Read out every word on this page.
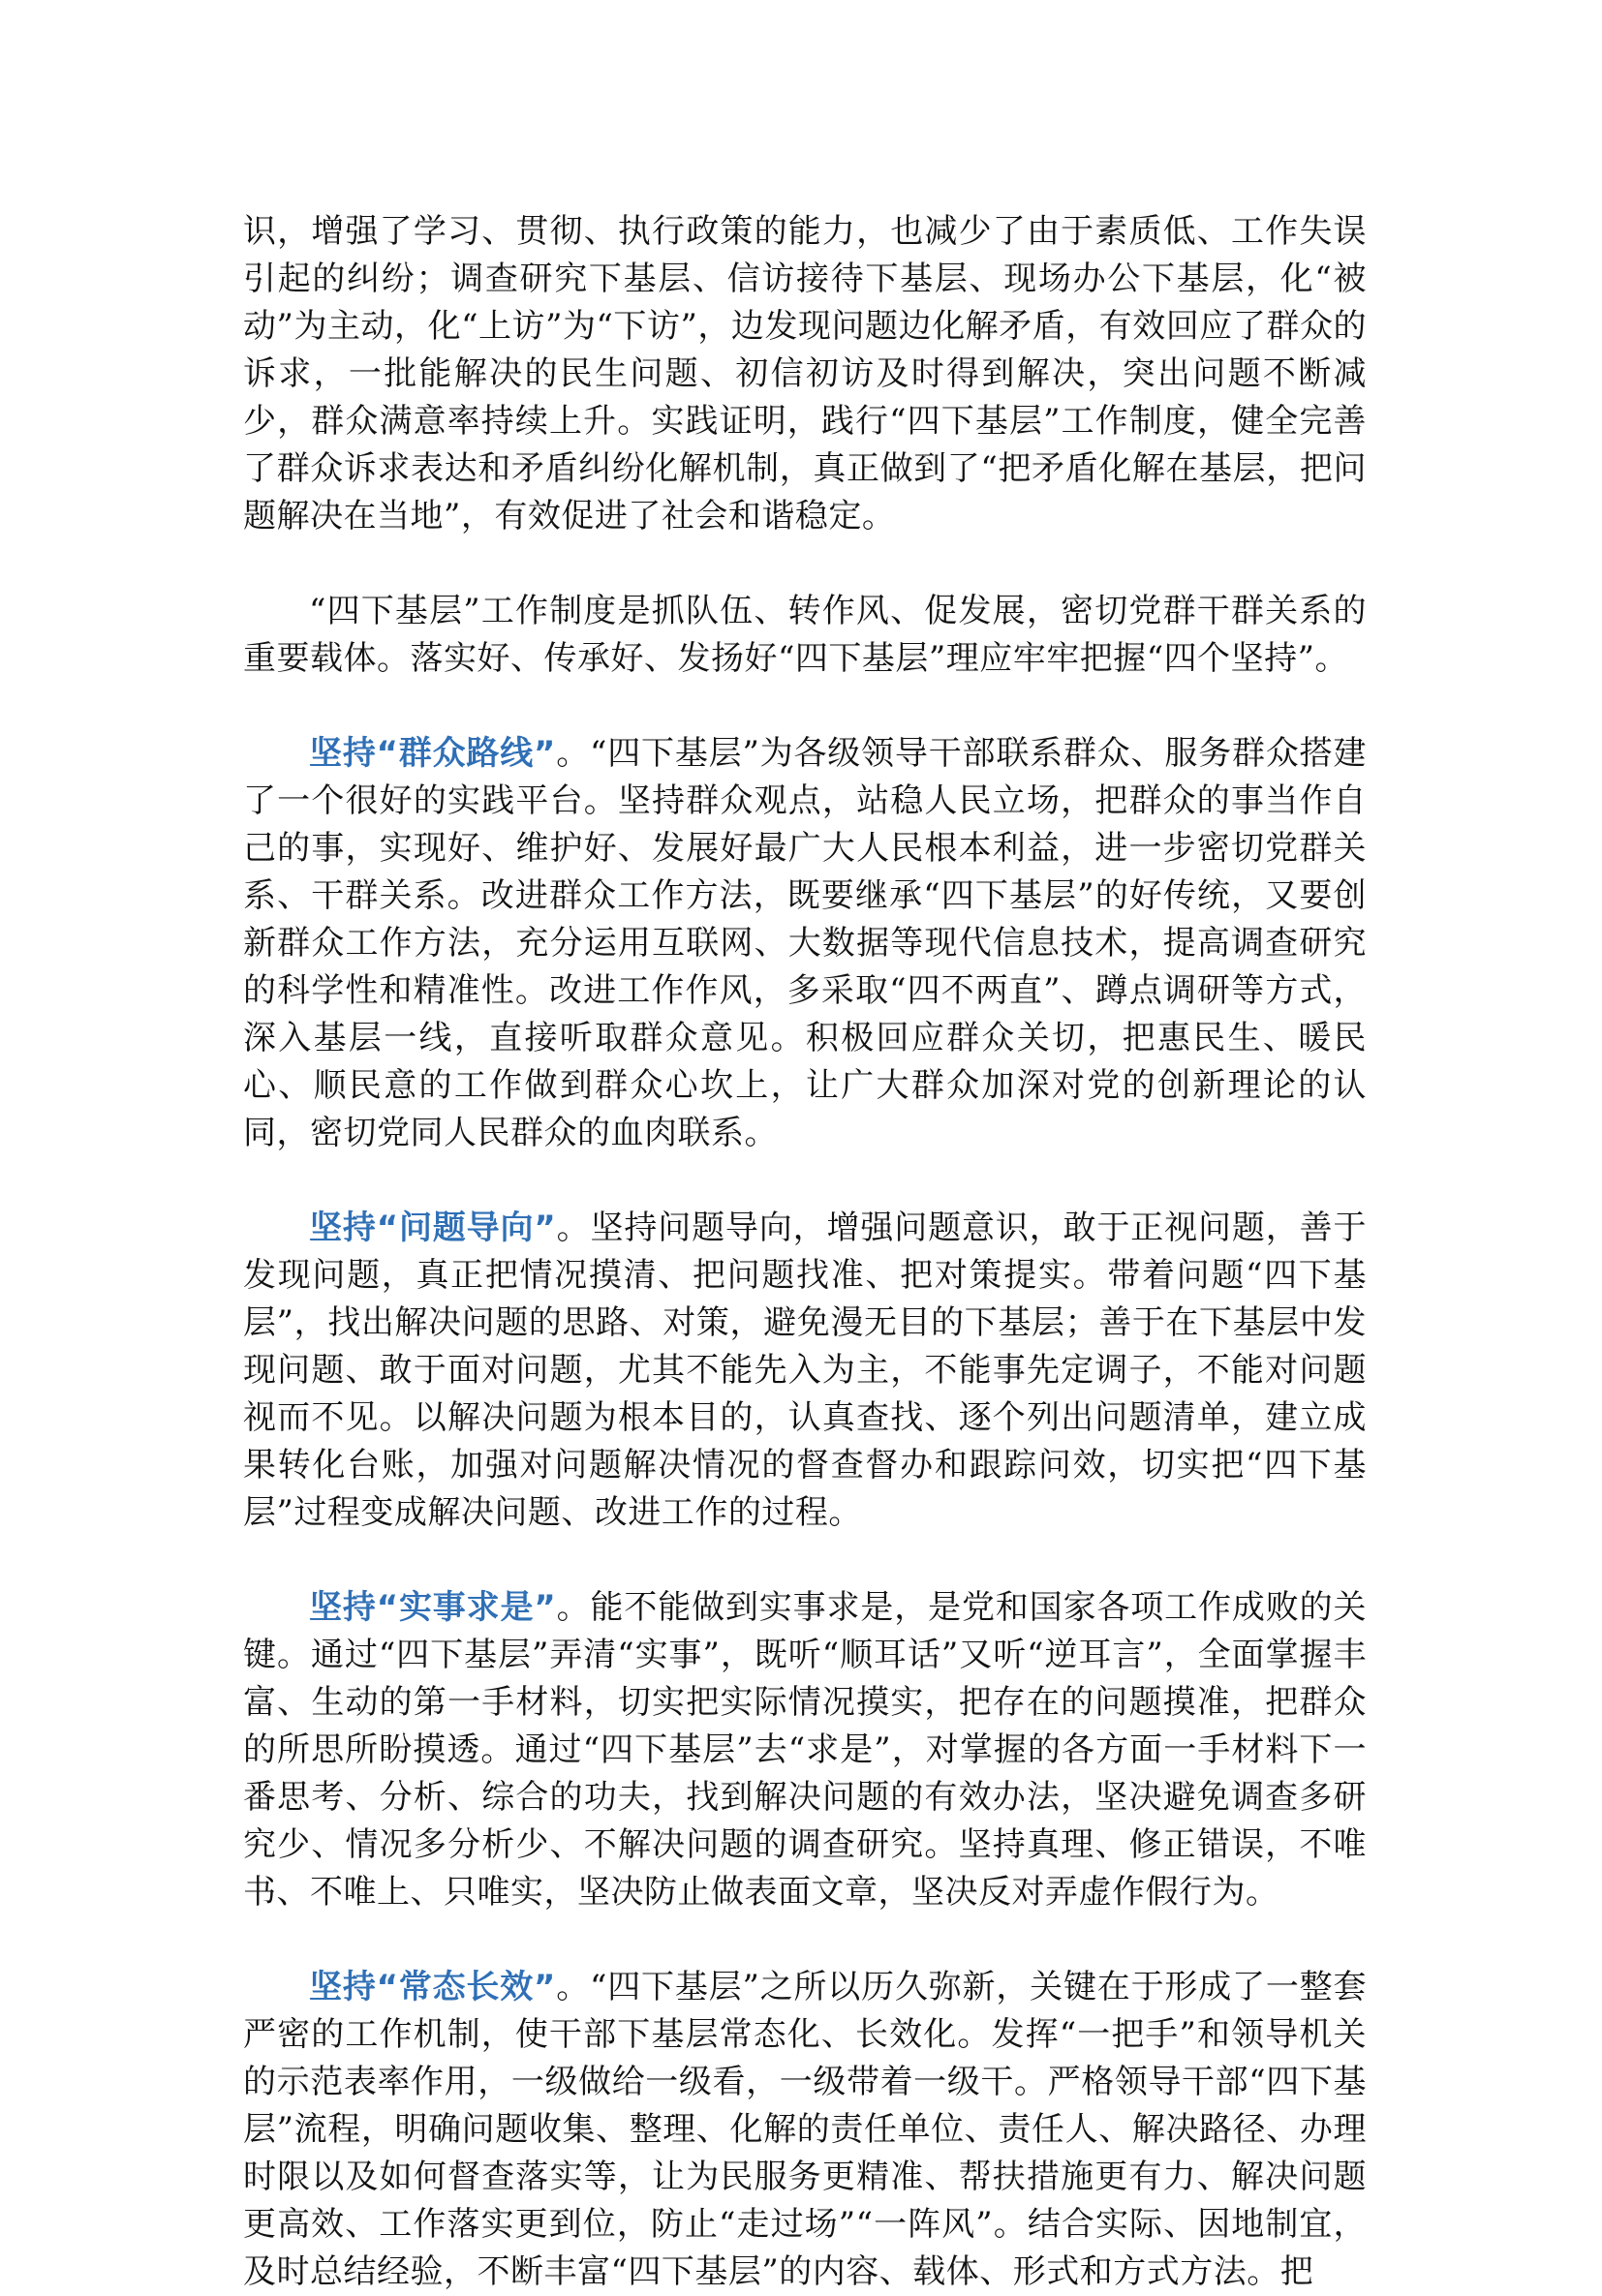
识，增强了学习、贯彻、执行政策的能力，也减少了由于素质低、工作失误引起的纠纷；调查研究下基层、信访接待下基层、现场办公下基层，化“被动”为主动，化“上访”为“下访”，边发现问题边化解矛盾，有效回应了群众的诉求，一批能解决的民生问题、初信初访及时得到解决，突出问题不断减少，群众满意率持续上升。实践证明，践行“四下基层”工作制度，健全完善了群众诉求表达和矛盾纠纷化解机制，真正做到了“把矛盾化解在基层，把问题解决在当地”，有效促进了社会和谐稳定。

“四下基层”工作制度是抓队伍、转作风、促发展，密切党群干群关系的重要载体。落实好、传承好、发扬好“四下基层”理应牢牢把握“四个坚持”。

坚持“群众路线”。“四下基层”为各级领导干部联系群众、服务群众搭建了一个很好的实践平台。坚持群众观点，站稳人民立场，把群众的事当作自己的事，实现好、维护好、发展好最广大人民根本利益，进一步密切党群关系、干群关系。改进群众工作方法，既要继承“四下基层”的好传统，又要创新群众工作方法，充分运用互联网、大数据等现代信息技术，提高调查研究的科学性和精准性。改进工作作风，多采取“四不两直”、蹲点调研等方式，深入基层一线，直接听取群众意见。积极回应群众关切，把惠民生、暖民心、顺民意的工作做到群众心坎上，让广大群众加深对党的创新理论的认同，密切党同人民群众的血肉联系。

坚持“问题导向”。坚持问题导向，增强问题意识，敢于正视问题，善于发现问题，真正把情况摸清、把问题找准、把对策提实。带着问题“四下基层”，找出解决问题的思路、对策，避免漫无目的下基层；善于在下基层中发现问题、敢于面对问题，尤其不能先入为主，不能事先定调子，不能对问题视而不见。以解决问题为根本目的，认真查找、逐个列出问题清单，建立成果转化台账，加强对问题解决情况的督查督办和跟踪问效，切实把“四下基层”过程变成解决问题、改进工作的过程。

坚持“实事求是”。能不能做到实事求是，是党和国家各项工作成败的关键。通过“四下基层”弄清“实事”，既听“顺耳话”又听“逆耳言”，全面掌握丰富、生动的第一手材料，切实把实际情况摸实，把存在的问题摸准，把群众的所思所盼摸透。通过“四下基层”去“求是”，对掌握的各方面一手材料下一番思考、分析、综合的功夫，找到解决问题的有效办法，坚决避免调查多研究少、情况多分析少、不解决问题的调查研究。坚持真理、修正错误，不唯书、不唯上、只唯实，坚决防止做表面文章，坚决反对弄虚作假行为。

坚持“常态长效”。“四下基层”之所以历久弥新，关键在于形成了一整套严密的工作机制，使干部下基层常态化、长效化。发挥“一把手”和领导机关的示范表率作用，一级做给一级看，一级带着一级干。严格领导干部“四下基层”流程，明确问题收集、整理、化解的责任单位、责任人、解决路径、办理时限以及如何督查落实等，让为民服务更精准、帮扶措施更有力、解决问题更高效、工作落实更到位，防止“走过场”“一阵风”。结合实际、因地制宜，及时总结经验，不断丰富“四下基层”的内容、载体、形式和方式方法。把
